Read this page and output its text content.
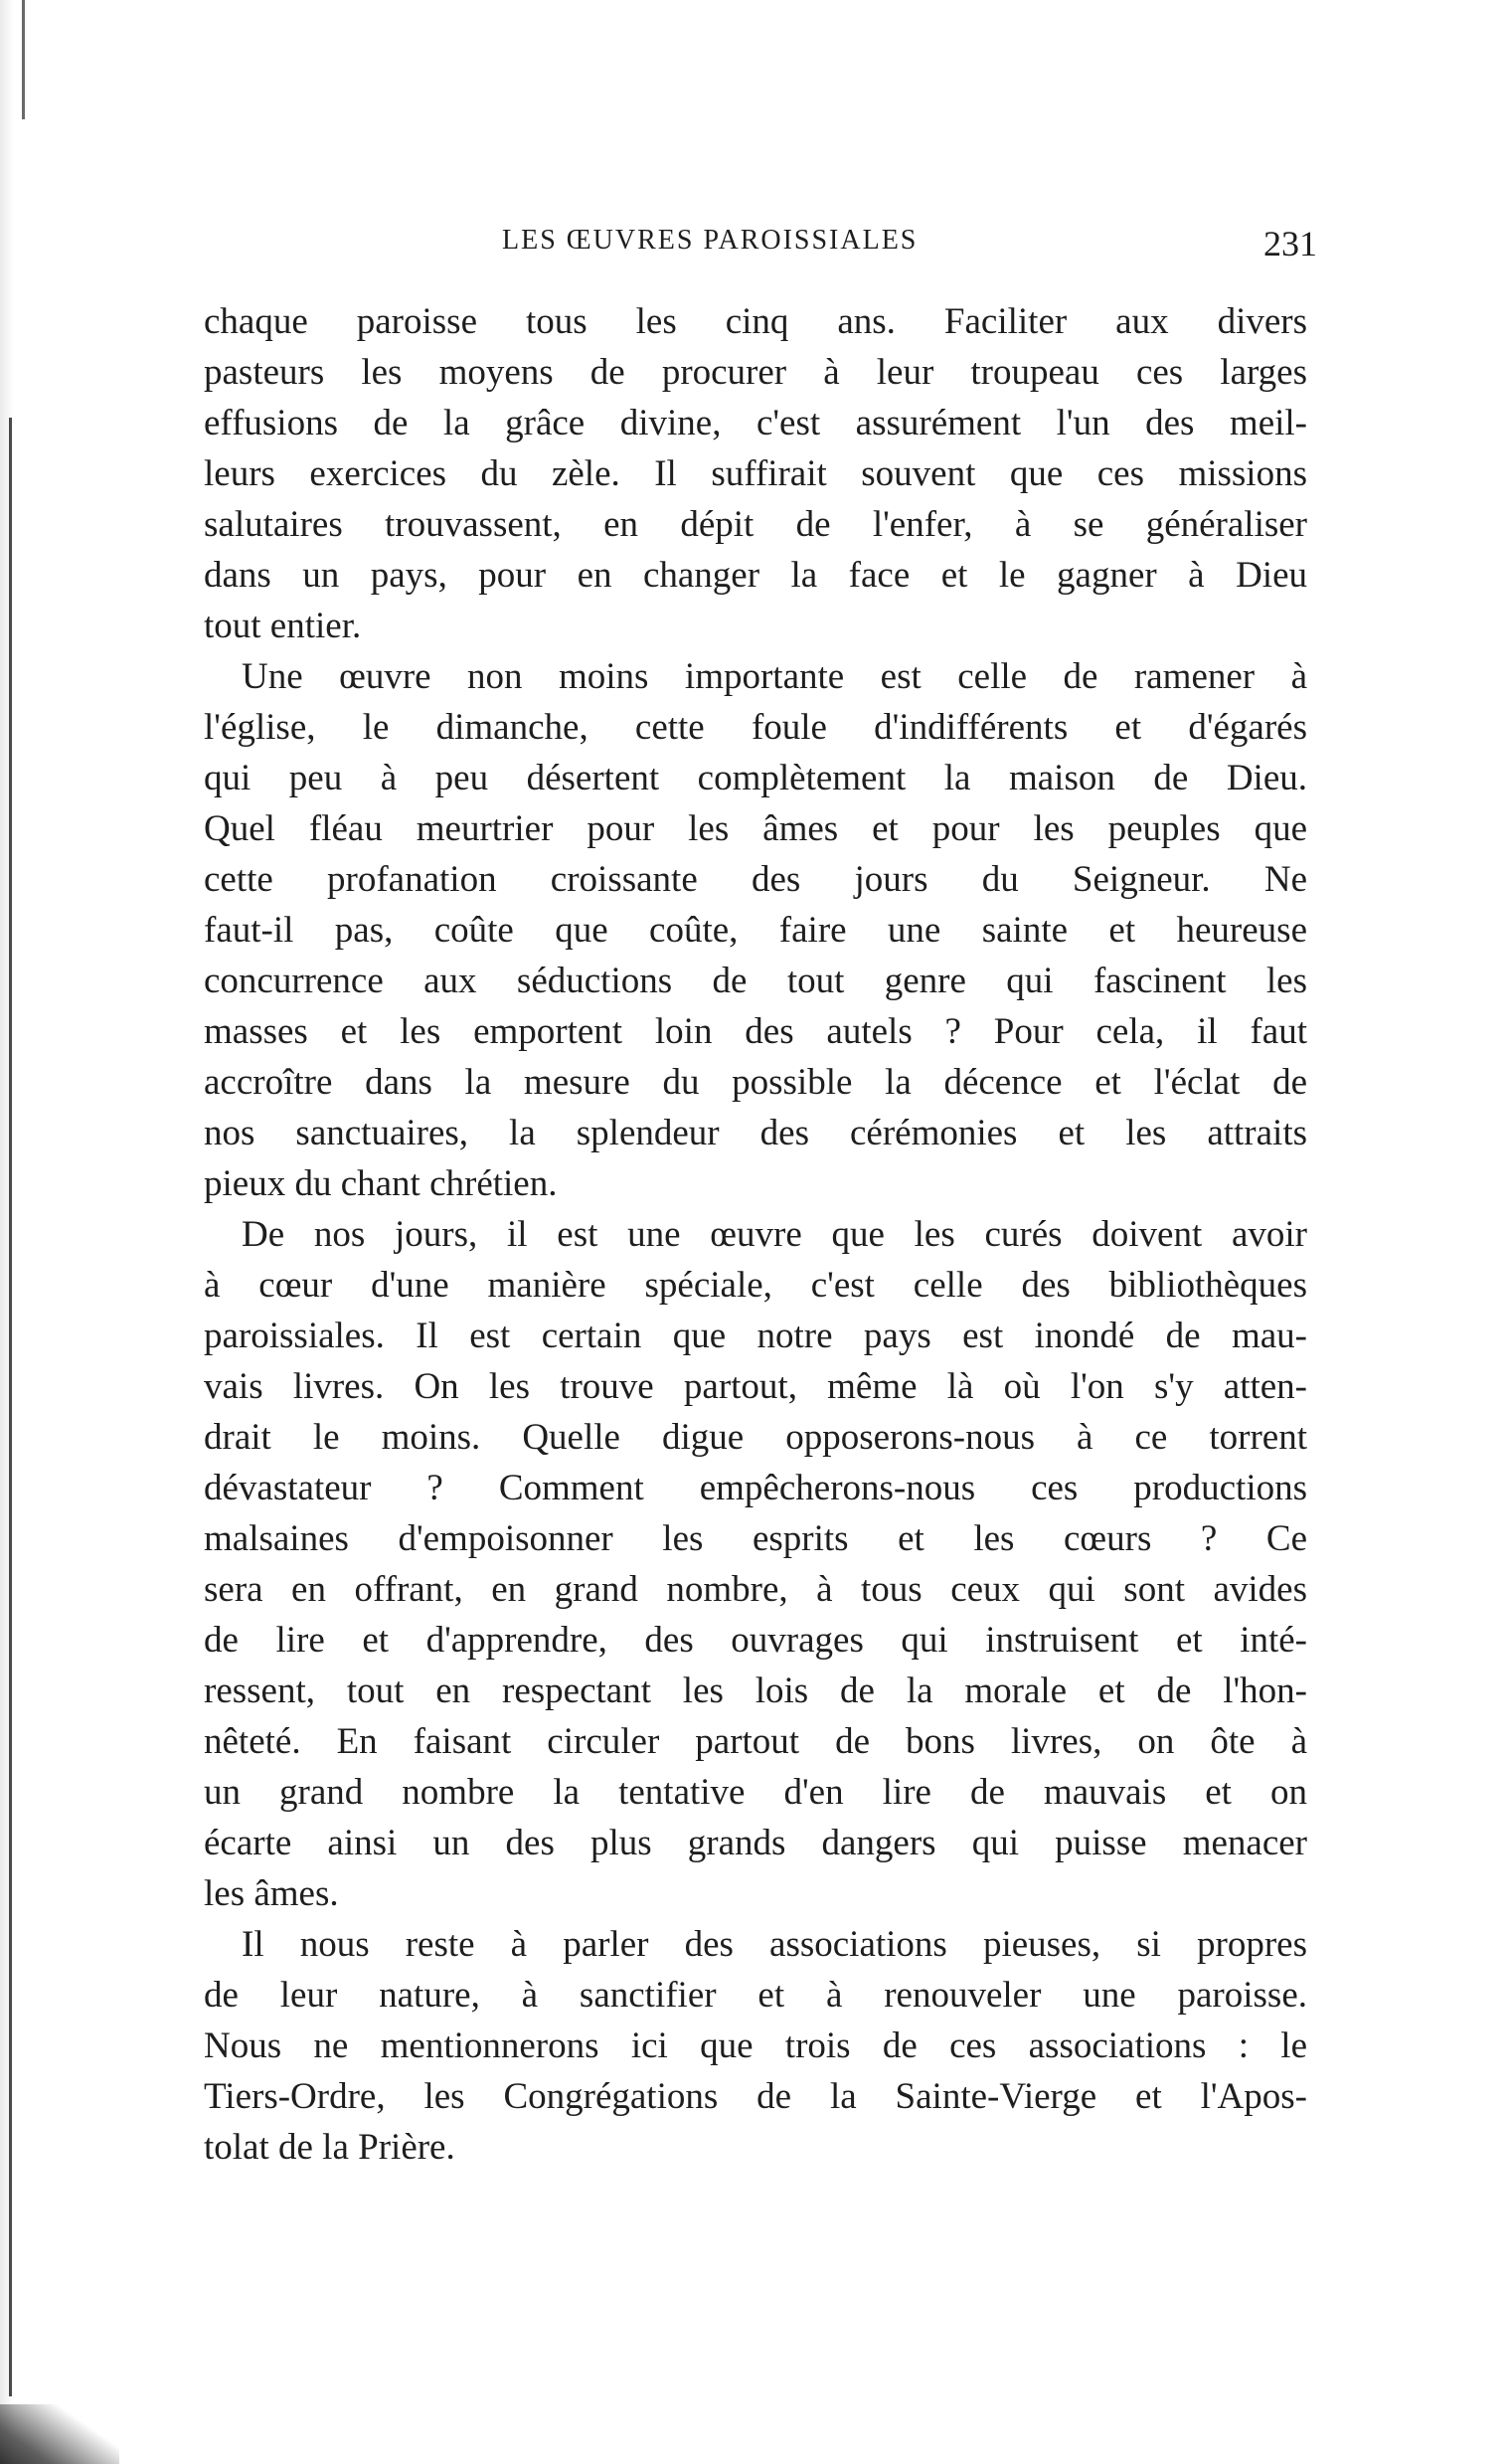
LES ŒUVRES PAROISSIALES	231
chaque paroisse tous les cinq ans. Faciliter aux divers
pasteurs les moyens de procurer à leur troupeau ces larges
effusions de la grâce divine, c'est assurément l'un des meil-
leurs exercices du zèle. Il suffirait souvent que ces missions
salutaires trouvassent, en dépit de l'enfer, à se généraliser
dans un pays, pour en changer la face et le gagner à Dieu
tout entier.
Une œuvre non moins importante est celle de ramener à
l'église, le dimanche, cette foule d'indifférents et d'égarés
qui peu à peu désertent complètement la maison de Dieu.
Quel fléau meurtrier pour les âmes et pour les peuples que
cette profanation croissante des jours du Seigneur. Ne
faut-il pas, coûte que coûte, faire une sainte et heureuse
concurrence aux séductions de tout genre qui fascinent les
masses et les emportent loin des autels ? Pour cela, il faut
accroître dans la mesure du possible la décence et l'éclat de
nos sanctuaires, la splendeur des cérémonies et les attraits
pieux du chant chrétien.
De nos jours, il est une œuvre que les curés doivent avoir
à cœur d'une manière spéciale, c'est celle des bibliothèques
paroissiales. Il est certain que notre pays est inondé de mau-
vais livres. On les trouve partout, même là où l'on s'y atten-
drait le moins. Quelle digue opposerons-nous à ce torrent
dévastateur ? Comment empêcherons-nous ces productions
malsaines d'empoisonner les esprits et les cœurs ? Ce
sera en offrant, en grand nombre, à tous ceux qui sont avides
de lire et d'apprendre, des ouvrages qui instruisent et inté-
ressent, tout en respectant les lois de la morale et de l'hon-
nêteté. En faisant circuler partout de bons livres, on ôte à
un grand nombre la tentative d'en lire de mauvais et on
écarte ainsi un des plus grands dangers qui puisse menacer
les âmes.
Il nous reste à parler des associations pieuses, si propres
de leur nature, à sanctifier et à renouveler une paroisse.
Nous ne mentionnerons ici que trois de ces associations : le
Tiers-Ordre, les Congrégations de la Sainte-Vierge et l'Apos-
tolat de la Prière.
